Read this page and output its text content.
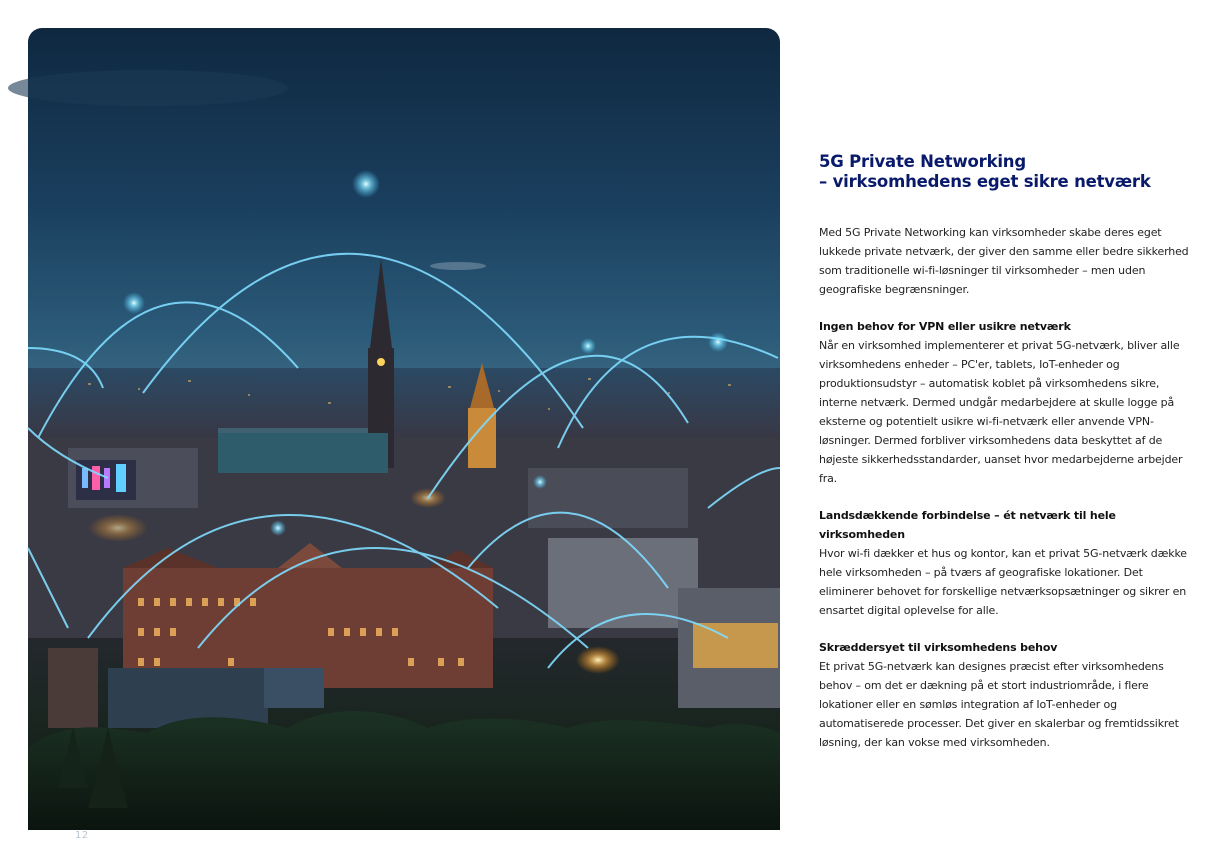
12
5G Private Networking
– virksomhedens eget sikre netværk

Med 5G Private Networking kan virksomheder skabe deres eget lukkede private netværk, der giver den samme eller bedre sikkerhed som traditionelle wi-fi-løsninger til virksomheder – men uden geografiske begrænsninger.

Ingen behov for VPN eller usikre netværk

Når en virksomhed implementerer et privat 5G-netværk, bliver alle virksomhedens enheder – PC'er, tablets, IoT-enheder og produktionsudstyr – automatisk koblet på virksomhedens sikre, interne netværk. Dermed undgår medarbejdere at skulle logge på eksterne og potentielt usikre wi-fi-netværk eller anvende VPN-løsninger. Dermed forbliver virksomhedens data beskyttet af de højeste sikkerhedsstandarder, uanset hvor medarbejderne arbejder fra.

Landsdækkende forbindelse – ét netværk til hele virksomheden

Hvor wi-fi dækker et hus og kontor, kan et privat 5G-netværk dække hele virksomheden – på tværs af geografiske lokationer. Det eliminerer behovet for forskellige netværksopsætninger og sikrer en ensartet digital oplevelse for alle.

Skræddersyet til virksomhedens behov

Et privat 5G-netværk kan designes præcist efter virksomhedens behov – om det er dækning på et stort industriområde, i flere lokationer eller en sømløs integration af IoT-enheder og automatiserede processer. Det giver en skalerbar og fremtidssikret løsning, der kan vokse med virksomheden.
